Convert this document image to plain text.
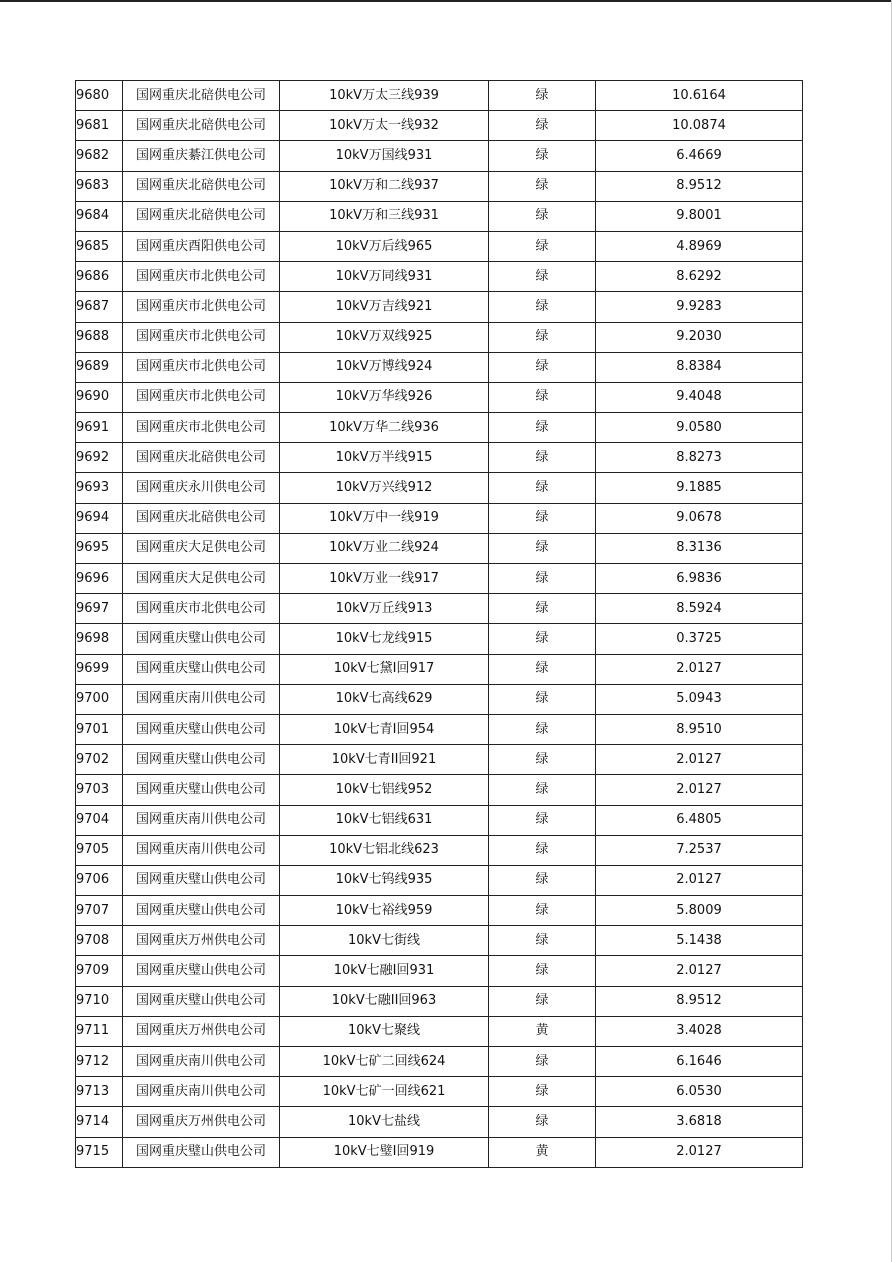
9680	国网重庆北碚供电公司	10kV万太三线939	绿	10.6164
9681	国网重庆北碚供电公司	10kV万太一线932	绿	10.0874
9682	国网重庆綦江供电公司	10kV万国线931	绿	6.4669
9683	国网重庆北碚供电公司	10kV万和二线937	绿	8.9512
9684	国网重庆北碚供电公司	10kV万和三线931	绿	9.8001
9685	国网重庆酉阳供电公司	10kV万后线965	绿	4.8969
9686	国网重庆市北供电公司	10kV万同线931	绿	8.6292
9687	国网重庆市北供电公司	10kV万吉线921	绿	9.9283
9688	国网重庆市北供电公司	10kV万双线925	绿	9.2030
9689	国网重庆市北供电公司	10kV万博线924	绿	8.8384
9690	国网重庆市北供电公司	10kV万华线926	绿	9.4048
9691	国网重庆市北供电公司	10kV万华二线936	绿	9.0580
9692	国网重庆北碚供电公司	10kV万半线915	绿	8.8273
9693	国网重庆永川供电公司	10kV万兴线912	绿	9.1885
9694	国网重庆北碚供电公司	10kV万中一线919	绿	9.0678
9695	国网重庆大足供电公司	10kV万业二线924	绿	8.3136
9696	国网重庆大足供电公司	10kV万业一线917	绿	6.9836
9697	国网重庆市北供电公司	10kV万丘线913	绿	8.5924
9698	国网重庆璧山供电公司	10kV七龙线915	绿	0.3725
9699	国网重庆璧山供电公司	10kV七黛I回917	绿	2.0127
9700	国网重庆南川供电公司	10kV七高线629	绿	5.0943
9701	国网重庆璧山供电公司	10kV七青I回954	绿	8.9510
9702	国网重庆璧山供电公司	10kV七青II回921	绿	2.0127
9703	国网重庆璧山供电公司	10kV七铝线952	绿	2.0127
9704	国网重庆南川供电公司	10kV七铝线631	绿	6.4805
9705	国网重庆南川供电公司	10kV七铝北线623	绿	7.2537
9706	国网重庆璧山供电公司	10kV七钨线935	绿	2.0127
9707	国网重庆璧山供电公司	10kV七裕线959	绿	5.8009
9708	国网重庆万州供电公司	10kV七街线	绿	5.1438
9709	国网重庆璧山供电公司	10kV七融I回931	绿	2.0127
9710	国网重庆璧山供电公司	10kV七融II回963	绿	8.9512
9711	国网重庆万州供电公司	10kV七聚线	黄	3.4028
9712	国网重庆南川供电公司	10kV七矿二回线624	绿	6.1646
9713	国网重庆南川供电公司	10kV七矿一回线621	绿	6.0530
9714	国网重庆万州供电公司	10kV七盐线	绿	3.6818
9715	国网重庆璧山供电公司	10kV七璧I回919	黄	2.0127
